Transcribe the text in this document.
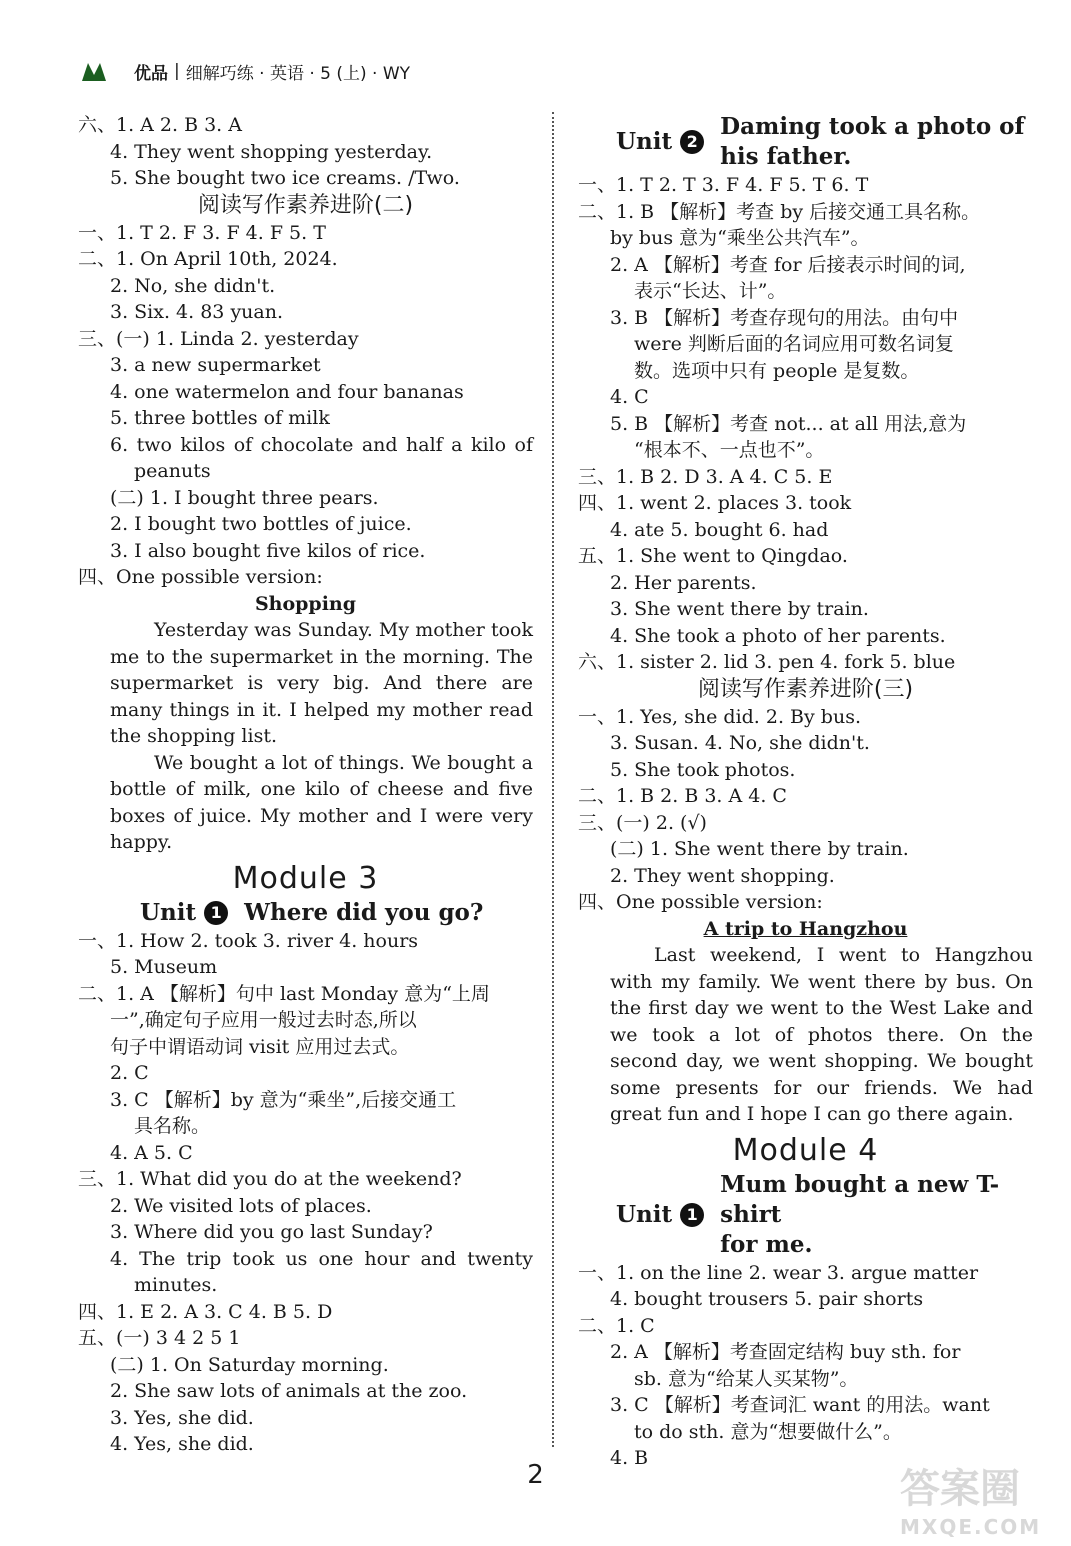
优品 | 细解巧练 · 英语 · 5 (上) · WY
六、1. A 2. B 3. A
4. They went shopping yesterday.
5. She bought two ice creams. /Two.
阅读写作素养进阶(二)
一、1. T 2. F 3. F 4. F 5. T
二、1. On April 10th, 2024.
2. No, she didn't.
3. Six. 4. 83 yuan.
三、(一) 1. Linda 2. yesterday
3. a new supermarket
4. one watermelon and four bananas
5. three bottles of milk
6. two kilos of chocolate and half a kilo of
peanuts
(二) 1. I bought three pears.
2. I bought two bottles of juice.
3. I also bought five kilos of rice.
四、One possible version:
Shopping
Yesterday was Sunday. My mother took me to the supermarket in the morning. The supermarket is very big. And there are many things in it. I helped my mother read the shopping list.
We bought a lot of things. We bought a bottle of milk, one kilo of cheese and five boxes of juice. My mother and I were very happy.
Module 3
Unit 1 Where did you go?
一、1. How 2. took 3. river 4. hours
5. Museum
二、1. A 【解析】句中 last Monday 意为“上周
一”,确定句子应用一般过去时态,所以
句子中谓语动词 visit 应用过去式。
2. C
3. C 【解析】by 意为“乘坐”,后接交通工
具名称。
4. A 5. C
三、1. What did you do at the weekend?
2. We visited lots of places.
3. Where did you go last Sunday?
4. The trip took us one hour and twenty
minutes.
四、1. E 2. A 3. C 4. B 5. D
五、(一) 3 4 2 5 1
(二) 1. On Saturday morning.
2. She saw lots of animals at the zoo.
3. Yes, she did.
4. Yes, she did.
Unit 2
Daming took a photo of
his father.
一、1. T 2. T 3. F 4. F 5. T 6. T
二、1. B 【解析】考查 by 后接交通工具名称。
by bus 意为“乘坐公共汽车”。
2. A 【解析】考查 for 后接表示时间的词,
表示“长达、计”。
3. B 【解析】考查存现句的用法。由句中
were 判断后面的名词应用可数名词复
数。选项中只有 people 是复数。
4. C
5. B 【解析】考查 not... at all 用法,意为
“根本不、一点也不”。
三、1. B 2. D 3. A 4. C 5. E
四、1. went 2. places 3. took
4. ate 5. bought 6. had
五、1. She went to Qingdao.
2. Her parents.
3. She went there by train.
4. She took a photo of her parents.
六、1. sister 2. lid 3. pen 4. fork 5. blue
阅读写作素养进阶(三)
一、1. Yes, she did. 2. By bus.
3. Susan. 4. No, she didn't.
5. She took photos.
二、1. B 2. B 3. A 4. C
三、(一) 2. (√)
(二) 1. She went there by train.
2. They went shopping.
四、One possible version:
A trip to Hangzhou
Last weekend, I went to Hangzhou with my family. We went there by bus. On the first day we went to the West Lake and we took a lot of photos there. On the second day, we went shopping. We bought some presents for our friends. We had great fun and I hope I can go there again.
Module 4
Unit 1
Mum bought a new T-shirt
for me.
一、1. on the line 2. wear 3. argue matter
4. bought trousers 5. pair shorts
二、1. C
2. A 【解析】考查固定结构 buy sth. for
sb. 意为“给某人买某物”。
3. C 【解析】考查词汇 want 的用法。want
to do sth. 意为“想要做什么”。
4. B
2	答案圈
MXQE.COM
